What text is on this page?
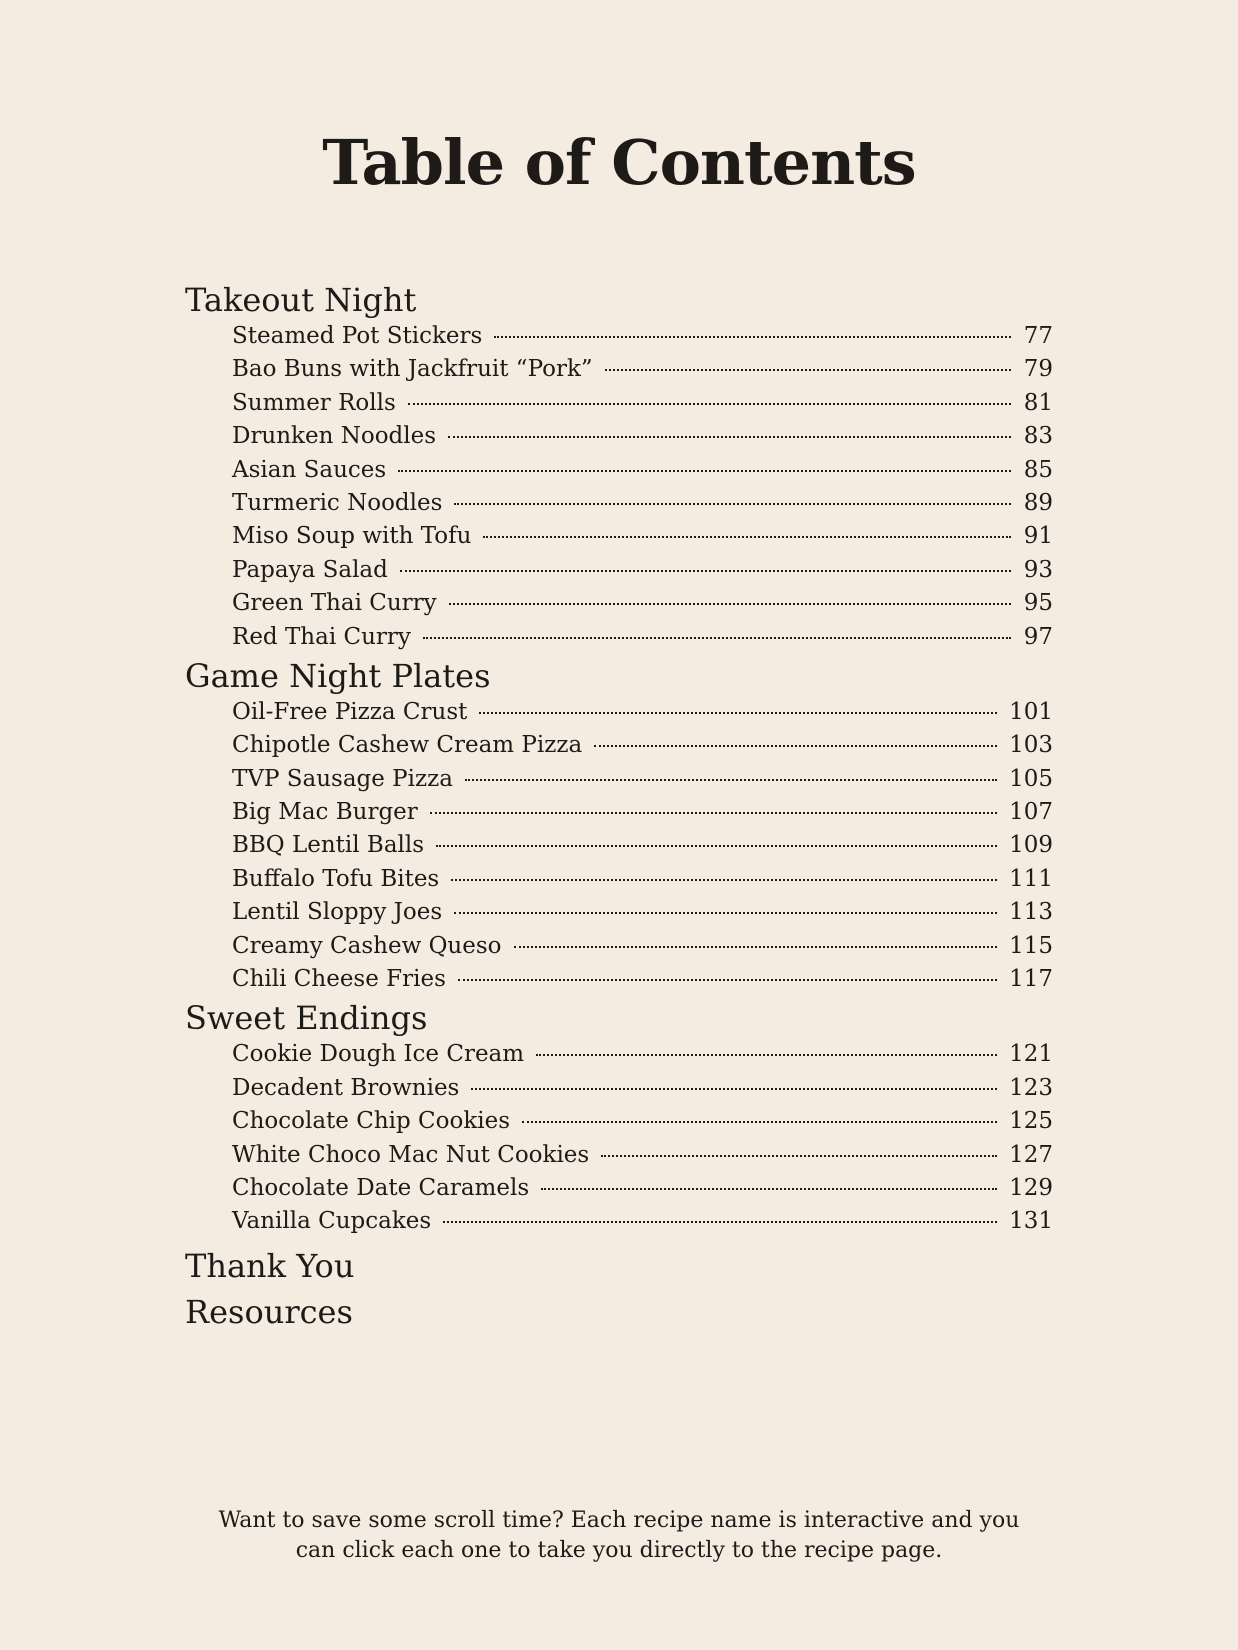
Table of Contents
Takeout Night
Steamed Pot Stickers	77
Bao Buns with Jackfruit “Pork”	79
Summer Rolls	81
Drunken Noodles	83
Asian Sauces	85
Turmeric Noodles	89
Miso Soup with Tofu	91
Papaya Salad	93
Green Thai Curry	95
Red Thai Curry	97
Game Night Plates
Oil-Free Pizza Crust	101
Chipotle Cashew Cream Pizza	103
TVP Sausage Pizza	105
Big Mac Burger	107
BBQ Lentil Balls	109
Buffalo Tofu Bites	111
Lentil Sloppy Joes	113
Creamy Cashew Queso	115
Chili Cheese Fries	117
Sweet Endings
Cookie Dough Ice Cream	121
Decadent Brownies	123
Chocolate Chip Cookies	125
White Choco Mac Nut Cookies	127
Chocolate Date Caramels	129
Vanilla Cupcakes	131
Thank You
Resources

Want to save some scroll time? Each recipe name is interactive and you
can click each one to take you directly to the recipe page.
